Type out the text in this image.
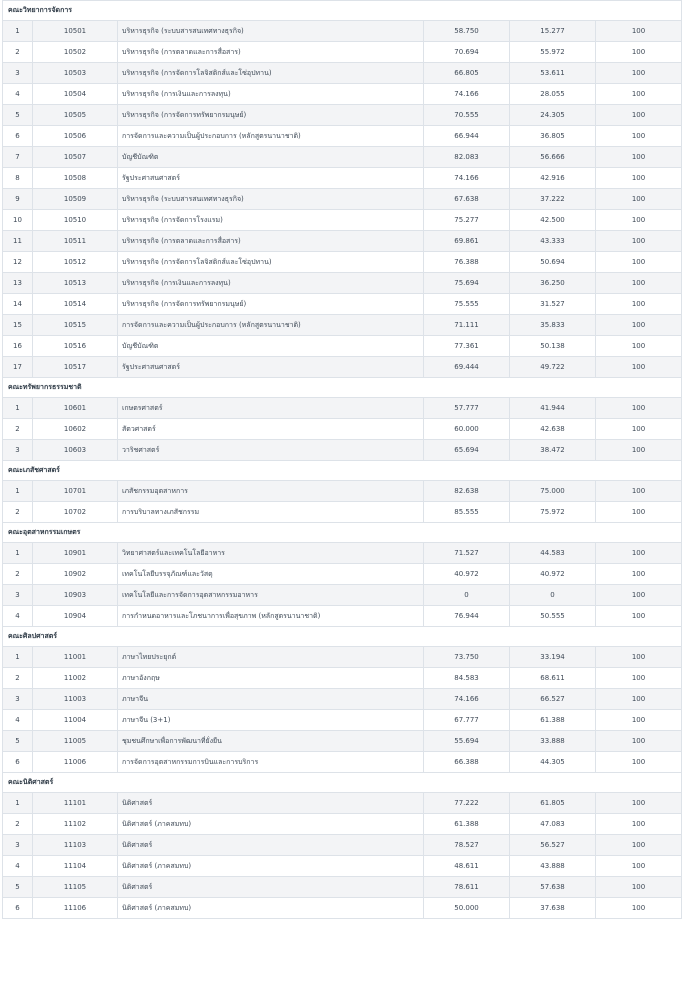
คณะวิทยาการจัดการ					
1	10501	บริหารธุรกิจ (ระบบสารสนเทศทางธุรกิจ)	58.750	15.277	100
2	10502	บริหารธุรกิจ (การตลาดและการสื่อสาร)	70.694	55.972	100
3	10503	บริหารธุรกิจ (การจัดการโลจิสติกส์และโซ่อุปทาน)	66.805	53.611	100
4	10504	บริหารธุรกิจ (การเงินและการลงทุน)	74.166	28.055	100
5	10505	บริหารธุรกิจ (การจัดการทรัพยากรมนุษย์)	70.555	24.305	100
6	10506	การจัดการและความเป็นผู้ประกอบการ (หลักสูตรนานาชาติ)	66.944	36.805	100
7	10507	บัญชีบัณฑิต	82.083	56.666	100
8	10508	รัฐประศาสนศาสตร์	74.166	42.916	100
9	10509	บริหารธุรกิจ (ระบบสารสนเทศทางธุรกิจ)	67.638	37.222	100
10	10510	บริหารธุรกิจ (การจัดการโรงแรม)	75.277	42.500	100
11	10511	บริหารธุรกิจ (การตลาดและการสื่อสาร)	69.861	43.333	100
12	10512	บริหารธุรกิจ (การจัดการโลจิสติกส์และโซ่อุปทาน)	76.388	50.694	100
13	10513	บริหารธุรกิจ (การเงินและการลงทุน)	75.694	36.250	100
14	10514	บริหารธุรกิจ (การจัดการทรัพยากรมนุษย์)	75.555	31.527	100
15	10515	การจัดการและความเป็นผู้ประกอบการ (หลักสูตรนานาชาติ)	71.111	35.833	100
16	10516	บัญชีบัณฑิต	77.361	50.138	100
17	10517	รัฐประศาสนศาสตร์	69.444	49.722	100
คณะทรัพยากรธรรมชาติ					
1	10601	เกษตรศาสตร์	57.777	41.944	100
2	10602	สัตวศาสตร์	60.000	42.638	100
3	10603	วาริชศาสตร์	65.694	38.472	100
คณะเภสัชศาสตร์					
1	10701	เภสัชกรรมอุตสาหการ	82.638	75.000	100
2	10702	การบริบาลทางเภสัชกรรม	85.555	75.972	100
คณะอุตสาหกรรมเกษตร					
1	10901	วิทยาศาสตร์และเทคโนโลยีอาหาร	71.527	44.583	100
2	10902	เทคโนโลยีบรรจุภัณฑ์และวัสดุ	40.972	40.972	100
3	10903	เทคโนโลยีและการจัดการอุตสาหกรรมอาหาร	0	0	100
4	10904	การกำหนดอาหารและโภชนาการเพื่อสุขภาพ (หลักสูตรนานาชาติ)	76.944	50.555	100
คณะศิลปศาสตร์					
1	11001	ภาษาไทยประยุกต์	73.750	33.194	100
2	11002	ภาษาอังกฤษ	84.583	68.611	100
3	11003	ภาษาจีน	74.166	66.527	100
4	11004	ภาษาจีน (3+1)	67.777	61.388	100
5	11005	ชุมชนศึกษาเพื่อการพัฒนาที่ยั่งยืน	55.694	33.888	100
6	11006	การจัดการอุตสาหกรรมการบินและการบริการ	66.388	44.305	100
คณะนิติศาสตร์					
1	11101	นิติศาสตร์	77.222	61.805	100
2	11102	นิติศาสตร์ (ภาคสมทบ)	61.388	47.083	100
3	11103	นิติศาสตร์	78.527	56.527	100
4	11104	นิติศาสตร์ (ภาคสมทบ)	48.611	43.888	100
5	11105	นิติศาสตร์	78.611	57.638	100
6	11106	นิติศาสตร์ (ภาคสมทบ)	50.000	37.638	100
